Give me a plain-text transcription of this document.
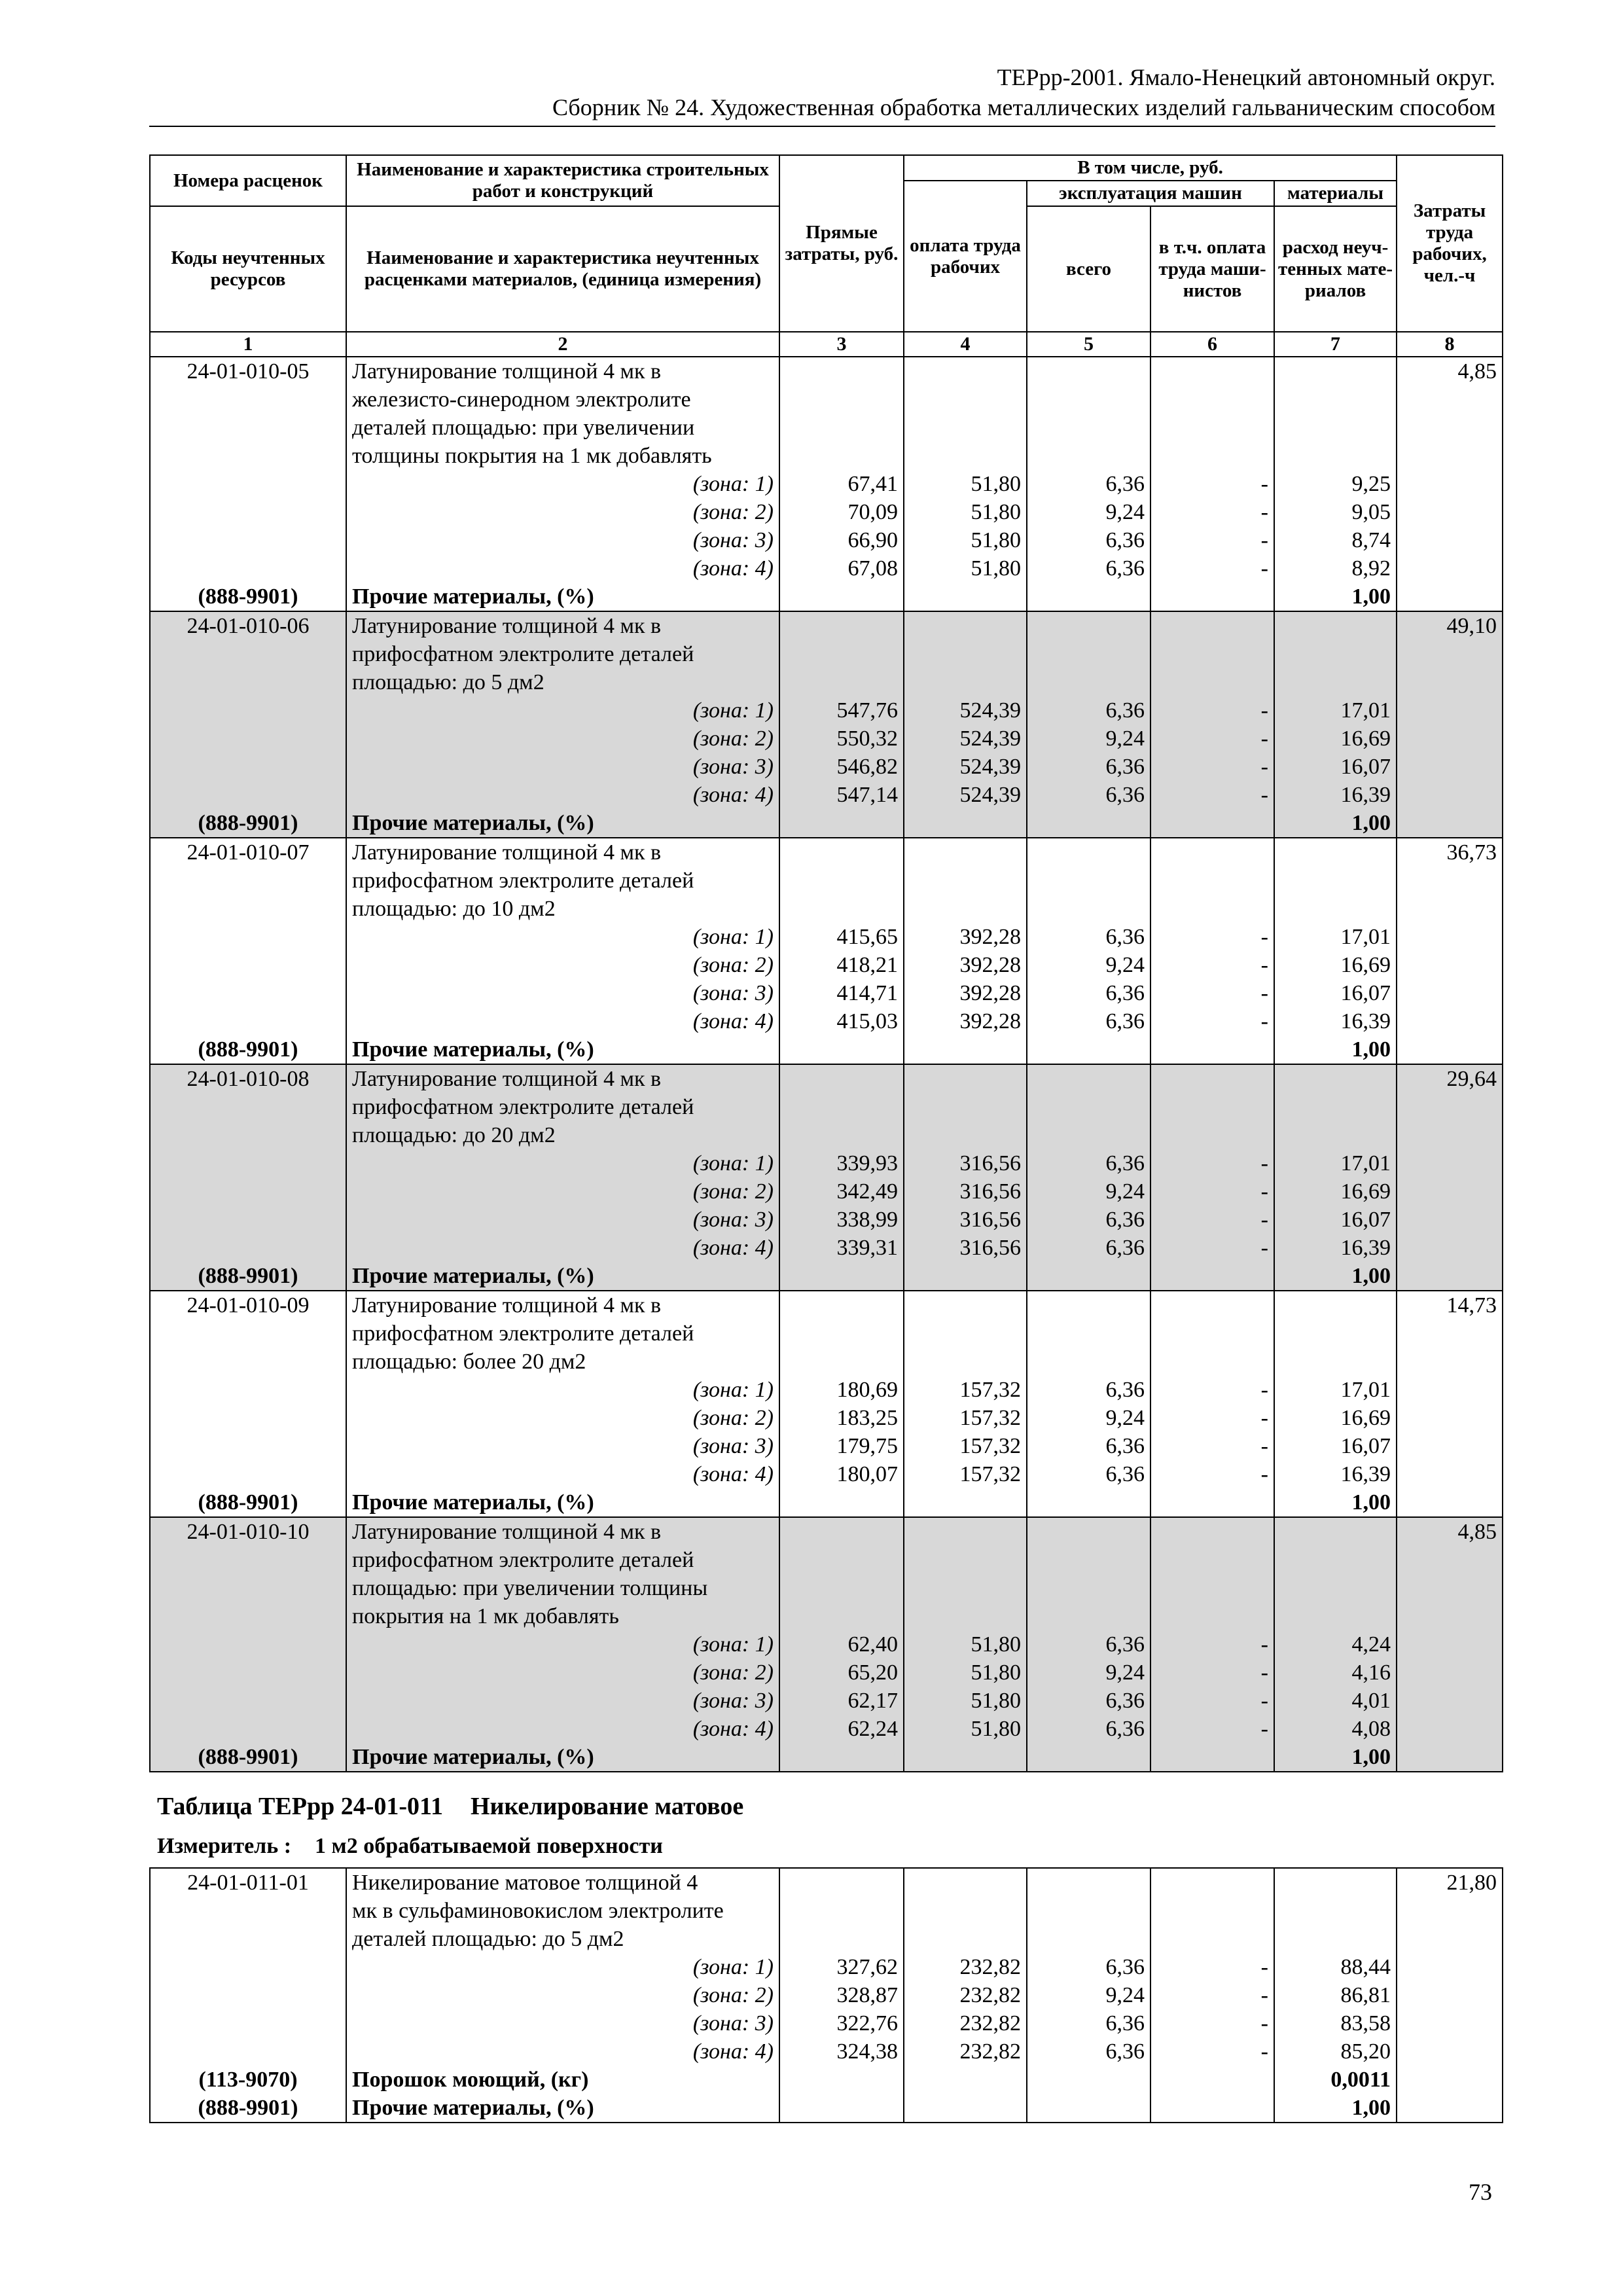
ТЕРрр-2001. Ямало-Ненецкий автономный округ.
Сборник № 24. Художественная обработка металлических изделий гальваническим способом
Номера расценок	Наименование и характеристика строительных работ и конструкций	Прямые затраты, руб.	В том числе, руб.				Затраты труда рабочих, чел.-ч
			оплата труда рабочих	эксплуатация машин		материалы	
Коды неучтенных ресурсов	Наименование и характеристика неучтенных расценками материалов, (единица измерения)			всего	в т.ч. оплата труда маши-нистов	расход неуч-тенных мате-риалов	
1	2	3	4	5	6	7	8
24-01-010-05	Латунирование толщиной 4 мк в						4,85
	железисто-синеродном электролите						
	деталей площадью: при увеличении						
	толщины покрытия на 1 мк добавлять						
	(зона: 1)	67,41	51,80	6,36	-	9,25	
	(зона: 2)	70,09	51,80	9,24	-	9,05	
	(зона: 3)	66,90	51,80	6,36	-	8,74	
	(зона: 4)	67,08	51,80	6,36	-	8,92	
(888-9901)	Прочие материалы, (%)					1,00	
24-01-010-06	Латунирование толщиной 4 мк в						49,10
	прифосфатном электролите деталей						
	площадью: до 5 дм2						
	(зона: 1)	547,76	524,39	6,36	-	17,01	
	(зона: 2)	550,32	524,39	9,24	-	16,69	
	(зона: 3)	546,82	524,39	6,36	-	16,07	
	(зона: 4)	547,14	524,39	6,36	-	16,39	
(888-9901)	Прочие материалы, (%)					1,00	
24-01-010-07	Латунирование толщиной 4 мк в						36,73
	прифосфатном электролите деталей						
	площадью: до 10 дм2						
	(зона: 1)	415,65	392,28	6,36	-	17,01	
	(зона: 2)	418,21	392,28	9,24	-	16,69	
	(зона: 3)	414,71	392,28	6,36	-	16,07	
	(зона: 4)	415,03	392,28	6,36	-	16,39	
(888-9901)	Прочие материалы, (%)					1,00	
24-01-010-08	Латунирование толщиной 4 мк в						29,64
	прифосфатном электролите деталей						
	площадью: до 20 дм2						
	(зона: 1)	339,93	316,56	6,36	-	17,01	
	(зона: 2)	342,49	316,56	9,24	-	16,69	
	(зона: 3)	338,99	316,56	6,36	-	16,07	
	(зона: 4)	339,31	316,56	6,36	-	16,39	
(888-9901)	Прочие материалы, (%)					1,00	
24-01-010-09	Латунирование толщиной 4 мк в						14,73
	прифосфатном электролите деталей						
	площадью: более 20 дм2						
	(зона: 1)	180,69	157,32	6,36	-	17,01	
	(зона: 2)	183,25	157,32	9,24	-	16,69	
	(зона: 3)	179,75	157,32	6,36	-	16,07	
	(зона: 4)	180,07	157,32	6,36	-	16,39	
(888-9901)	Прочие материалы, (%)					1,00	
24-01-010-10	Латунирование толщиной 4 мк в						4,85
	прифосфатном электролите деталей						
	площадью: при увеличении толщины						
	покрытия на 1 мк добавлять						
	(зона: 1)	62,40	51,80	6,36	-	4,24	
	(зона: 2)	65,20	51,80	9,24	-	4,16	
	(зона: 3)	62,17	51,80	6,36	-	4,01	
	(зона: 4)	62,24	51,80	6,36	-	4,08	
(888-9901)	Прочие материалы, (%)					1,00	
Таблица ТЕРрр 24-01-011 Никелирование матовое
Измеритель : 1 м2 обрабатываемой поверхности
24-01-011-01	Никелирование матовое толщиной 4						21,80
	мк в сульфаминовокислом электролите						
	деталей площадью: до 5 дм2						
	(зона: 1)	327,62	232,82	6,36	-	88,44	
	(зона: 2)	328,87	232,82	9,24	-	86,81	
	(зона: 3)	322,76	232,82	6,36	-	83,58	
	(зона: 4)	324,38	232,82	6,36	-	85,20	
(113-9070)	Порошок моющий, (кг)					0,0011	
(888-9901)	Прочие материалы, (%)					1,00	
73
